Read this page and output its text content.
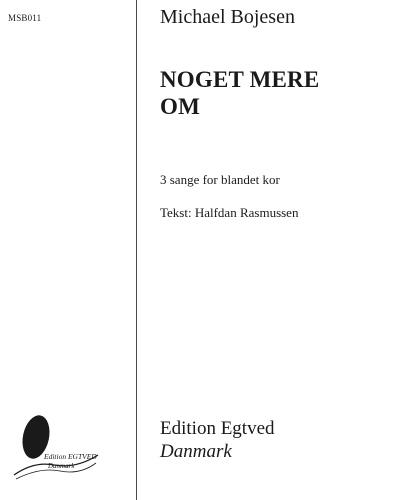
MSB011	Michael Bojesen
NOGET MERE
OM
3 sange for blandet kor
Tekst: Halfdan Rasmussen
Edition Egtved
Danmark
Edition EGTVED
Danmark
